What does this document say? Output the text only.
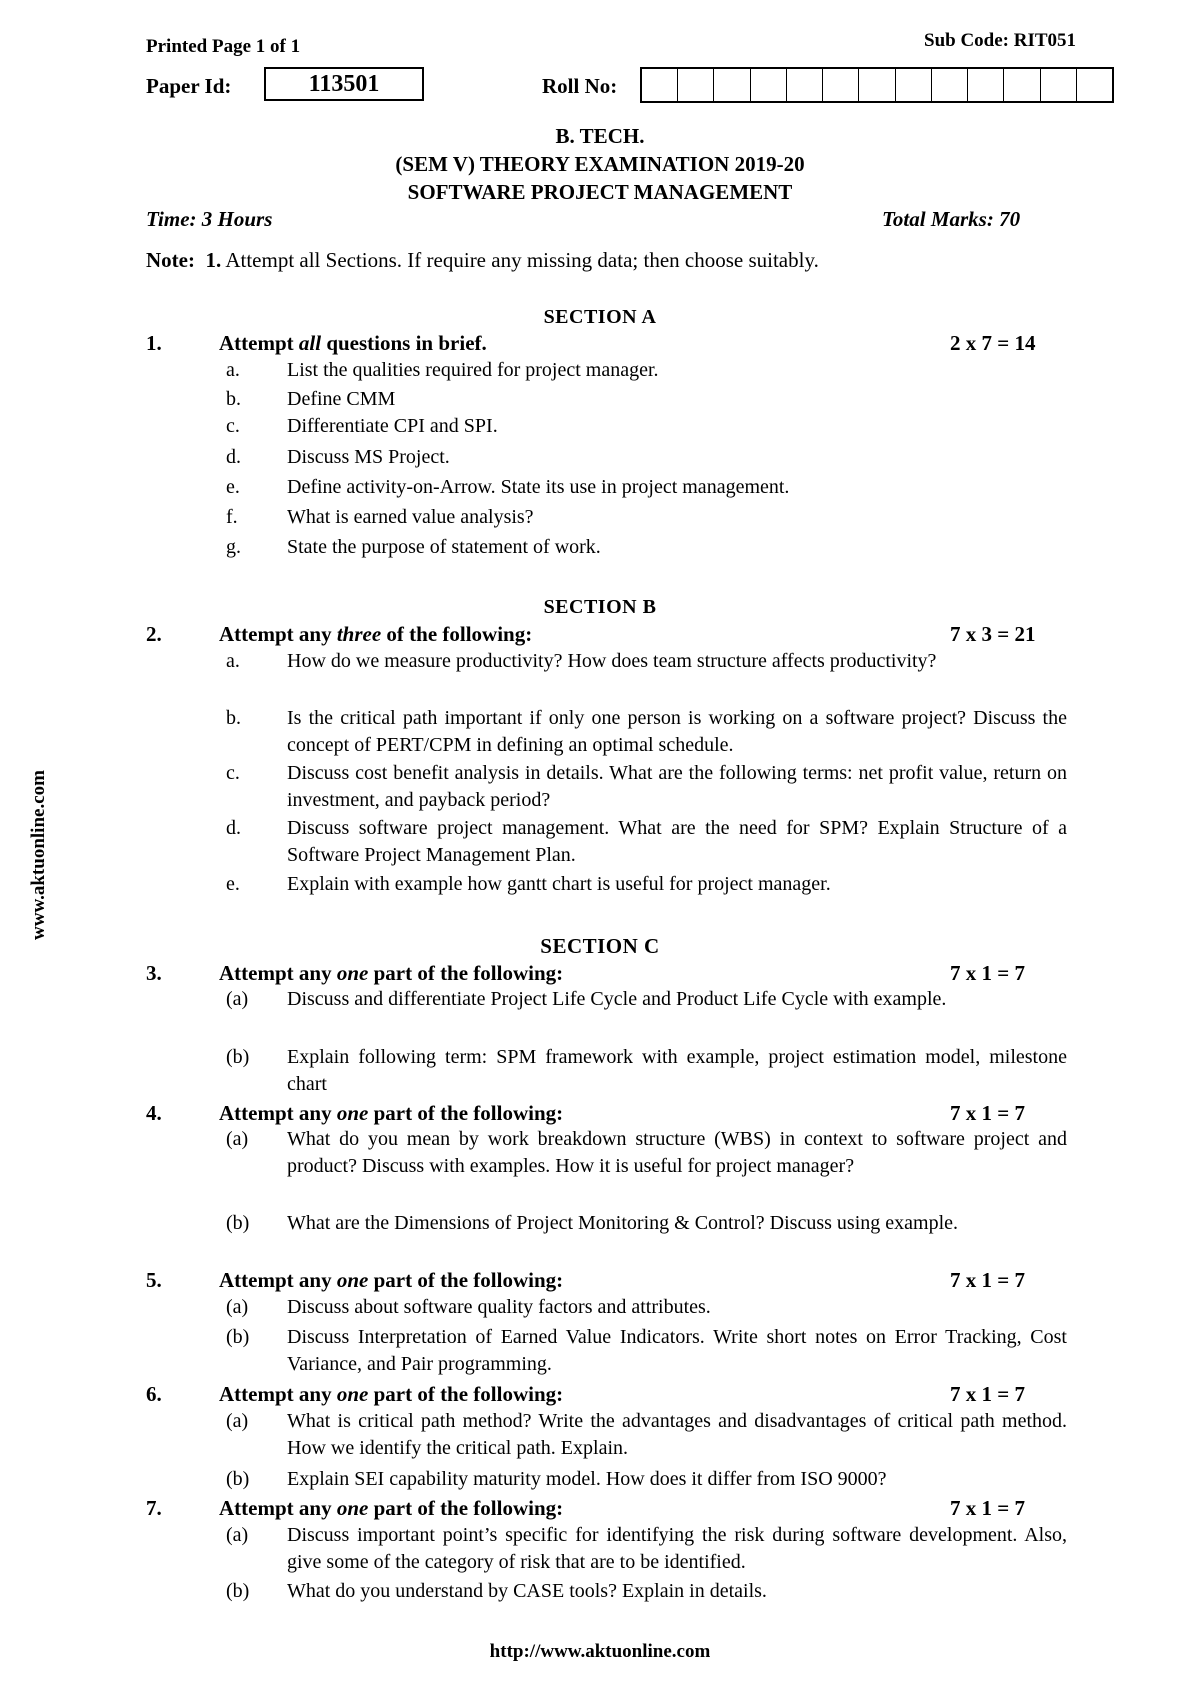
Printed Page 1 of 1	Sub Code: RIT051
Paper Id:	113501	Roll No:
B. TECH.
(SEM V) THEORY EXAMINATION 2019-20
SOFTWARE PROJECT MANAGEMENT
Time: 3 Hours	Total Marks: 70
Note: 1. Attempt all Sections. If require any missing data; then choose suitably.
SECTION A
1.	Attempt all questions in brief.	2 x 7 = 14
a. List the qualities required for project manager.
b. Define CMM
c. Differentiate CPI and SPI.
d. Discuss MS Project.
e. Define activity-on-Arrow. State its use in project management.
f. What is earned value analysis?
g. State the purpose of statement of work.
SECTION B
2.	Attempt any three of the following:	7 x 3 = 21
a. How do we measure productivity? How does team structure affects productivity?
b. Is the critical path important if only one person is working on a software project? Discuss the concept of PERT/CPM in defining an optimal schedule.
c. Discuss cost benefit analysis in details. What are the following terms: net profit value, return on investment, and payback period?
d. Discuss software project management. What are the need for SPM? Explain Structure of a Software Project Management Plan.
e. Explain with example how gantt chart is useful for project manager.
SECTION C
3.	Attempt any one part of the following:	7 x 1 = 7
(a) Discuss and differentiate Project Life Cycle and Product Life Cycle with example.
(b) Explain following term: SPM framework with example, project estimation model, milestone chart
4.	Attempt any one part of the following:	7 x 1 = 7
(a) What do you mean by work breakdown structure (WBS) in context to software project and product? Discuss with examples. How it is useful for project manager?
(b) What are the Dimensions of Project Monitoring & Control? Discuss using example.
5.	Attempt any one part of the following:	7 x 1 = 7
(a) Discuss about software quality factors and attributes.
(b) Discuss Interpretation of Earned Value Indicators. Write short notes on Error Tracking, Cost Variance, and Pair programming.
6.	Attempt any one part of the following:	7 x 1 = 7
(a) What is critical path method? Write the advantages and disadvantages of critical path method. How we identify the critical path. Explain.
(b) Explain SEI capability maturity model. How does it differ from ISO 9000?
7.	Attempt any one part of the following:	7 x 1 = 7
(a) Discuss important point’s specific for identifying the risk during software development. Also, give some of the category of risk that are to be identified.
(b) What do you understand by CASE tools? Explain in details.
www.aktuonline.com
http://www.aktuonline.com
